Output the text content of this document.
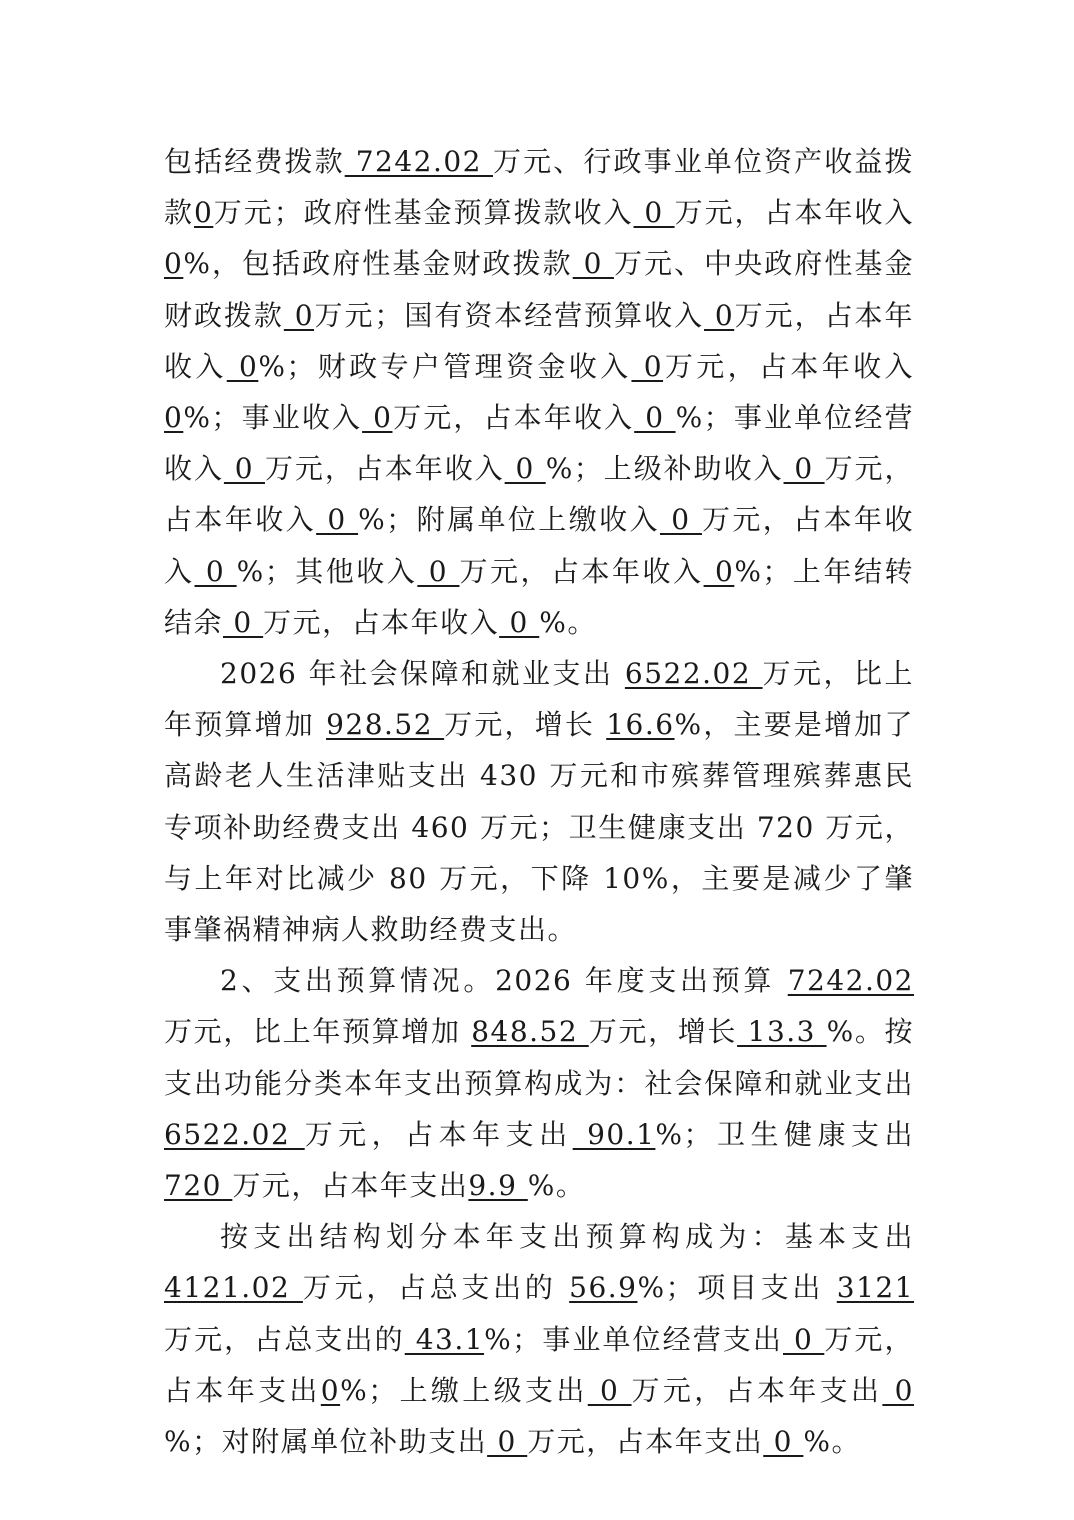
包括经费拨款 7242.02 万元、行政事业单位资产收益拨款0万元；政府性基金预算拨款收入 0 万元，占本年收入 0%，包括政府性基金财政拨款 0 万元、中央政府性基金财政拨款 0万元；国有资本经营预算收入 0万元，占本年收入 0%；财政专户管理资金收入 0万元，占本年收入 0%；事业收入 0万元，占本年收入 0 %；事业单位经营收入 0 万元，占本年收入 0 %；上级补助收入 0 万元，占本年收入 0 %；附属单位上缴收入 0 万元，占本年收入 0 %；其他收入 0 万元，占本年收入 0%；上年结转结余 0 万元，占本年收入 0 %。

2026 年社会保障和就业支出 6522.02 万元，比上年预算增加 928.52 万元，增长 16.6%，主要是增加了高龄老人生活津贴支出 430 万元和市殡葬管理殡葬惠民专项补助经费支出 460 万元；卫生健康支出 720 万元，与上年对比减少 80 万元，下降 10%，主要是减少了肇事肇祸精神病人救助经费支出。

2、支出预算情况。2026 年度支出预算 7242.02 万元，比上年预算增加 848.52 万元，增长 13.3 %。按支出功能分类本年支出预算构成为：社会保障和就业支出 6522.02 万元，占本年支出 90.1%；卫生健康支出 720 万元，占本年支出9.9 %。

按支出结构划分本年支出预算构成为：基本支出4121.02 万元，占总支出的 56.9%；项目支出 3121 万元，占总支出的 43.1%；事业单位经营支出 0 万元，占本年支出0%；上缴上级支出 0 万元，占本年支出 0 %；对附属单位补助支出 0 万元，占本年支出 0 %。
